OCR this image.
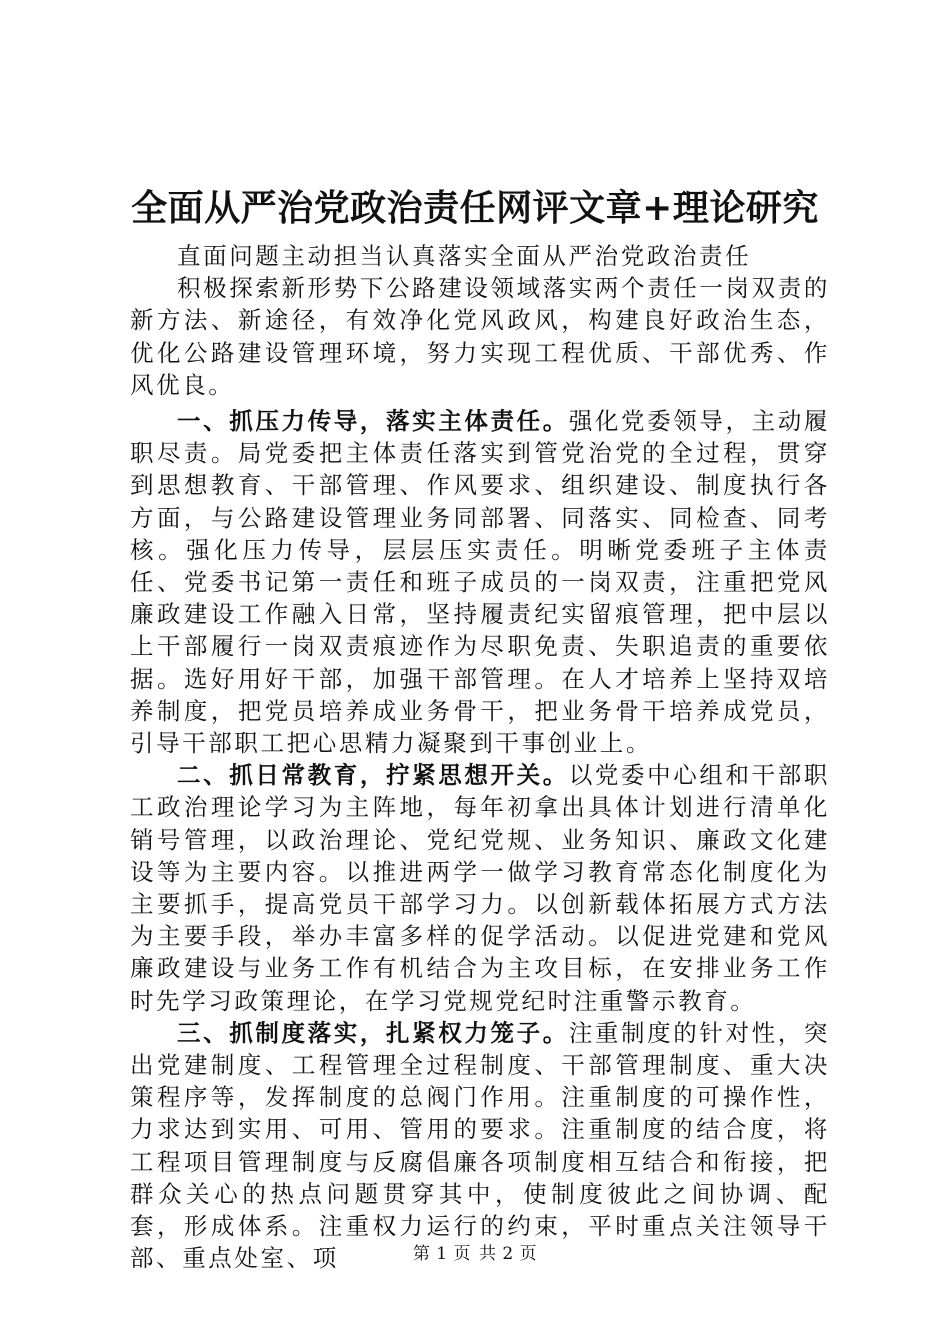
全面从严治党政治责任网评文章+理论研究

直面问题主动担当认真落实全面从严治党政治责任

积极探索新形势下公路建设领域落实两个责任一岗双责的新方法、新途径，有效净化党风政风，构建良好政治生态，优化公路建设管理环境，努力实现工程优质、干部优秀、作风优良。

一、抓压力传导，落实主体责任。强化党委领导，主动履职尽责。局党委把主体责任落实到管党治党的全过程，贯穿到思想教育、干部管理、作风要求、组织建设、制度执行各方面，与公路建设管理业务同部署、同落实、同检查、同考核。强化压力传导，层层压实责任。明晰党委班子主体责任、党委书记第一责任和班子成员的一岗双责，注重把党风廉政建设工作融入日常，坚持履责纪实留痕管理，把中层以上干部履行一岗双责痕迹作为尽职免责、失职追责的重要依据。选好用好干部，加强干部管理。在人才培养上坚持双培养制度，把党员培养成业务骨干，把业务骨干培养成党员，引导干部职工把心思精力凝聚到干事创业上。

二、抓日常教育，拧紧思想开关。以党委中心组和干部职工政治理论学习为主阵地，每年初拿出具体计划进行清单化销号管理，以政治理论、党纪党规、业务知识、廉政文化建设等为主要内容。以推进两学一做学习教育常态化制度化为主要抓手，提高党员干部学习力。以创新载体拓展方式方法为主要手段，举办丰富多样的促学活动。以促进党建和党风廉政建设与业务工作有机结合为主攻目标，在安排业务工作时先学习政策理论，在学习党规党纪时注重警示教育。

三、抓制度落实，扎紧权力笼子。注重制度的针对性，突出党建制度、工程管理全过程制度、干部管理制度、重大决策程序等，发挥制度的总阀门作用。注重制度的可操作性，力求达到实用、可用、管用的要求。注重制度的结合度，将工程项目管理制度与反腐倡廉各项制度相互结合和衔接，把群众关心的热点问题贯穿其中，使制度彼此之间协调、配套，形成体系。注重权力运行的约束，平时重点关注领导干部、重点处室、项	第 1 页 共 2 页
